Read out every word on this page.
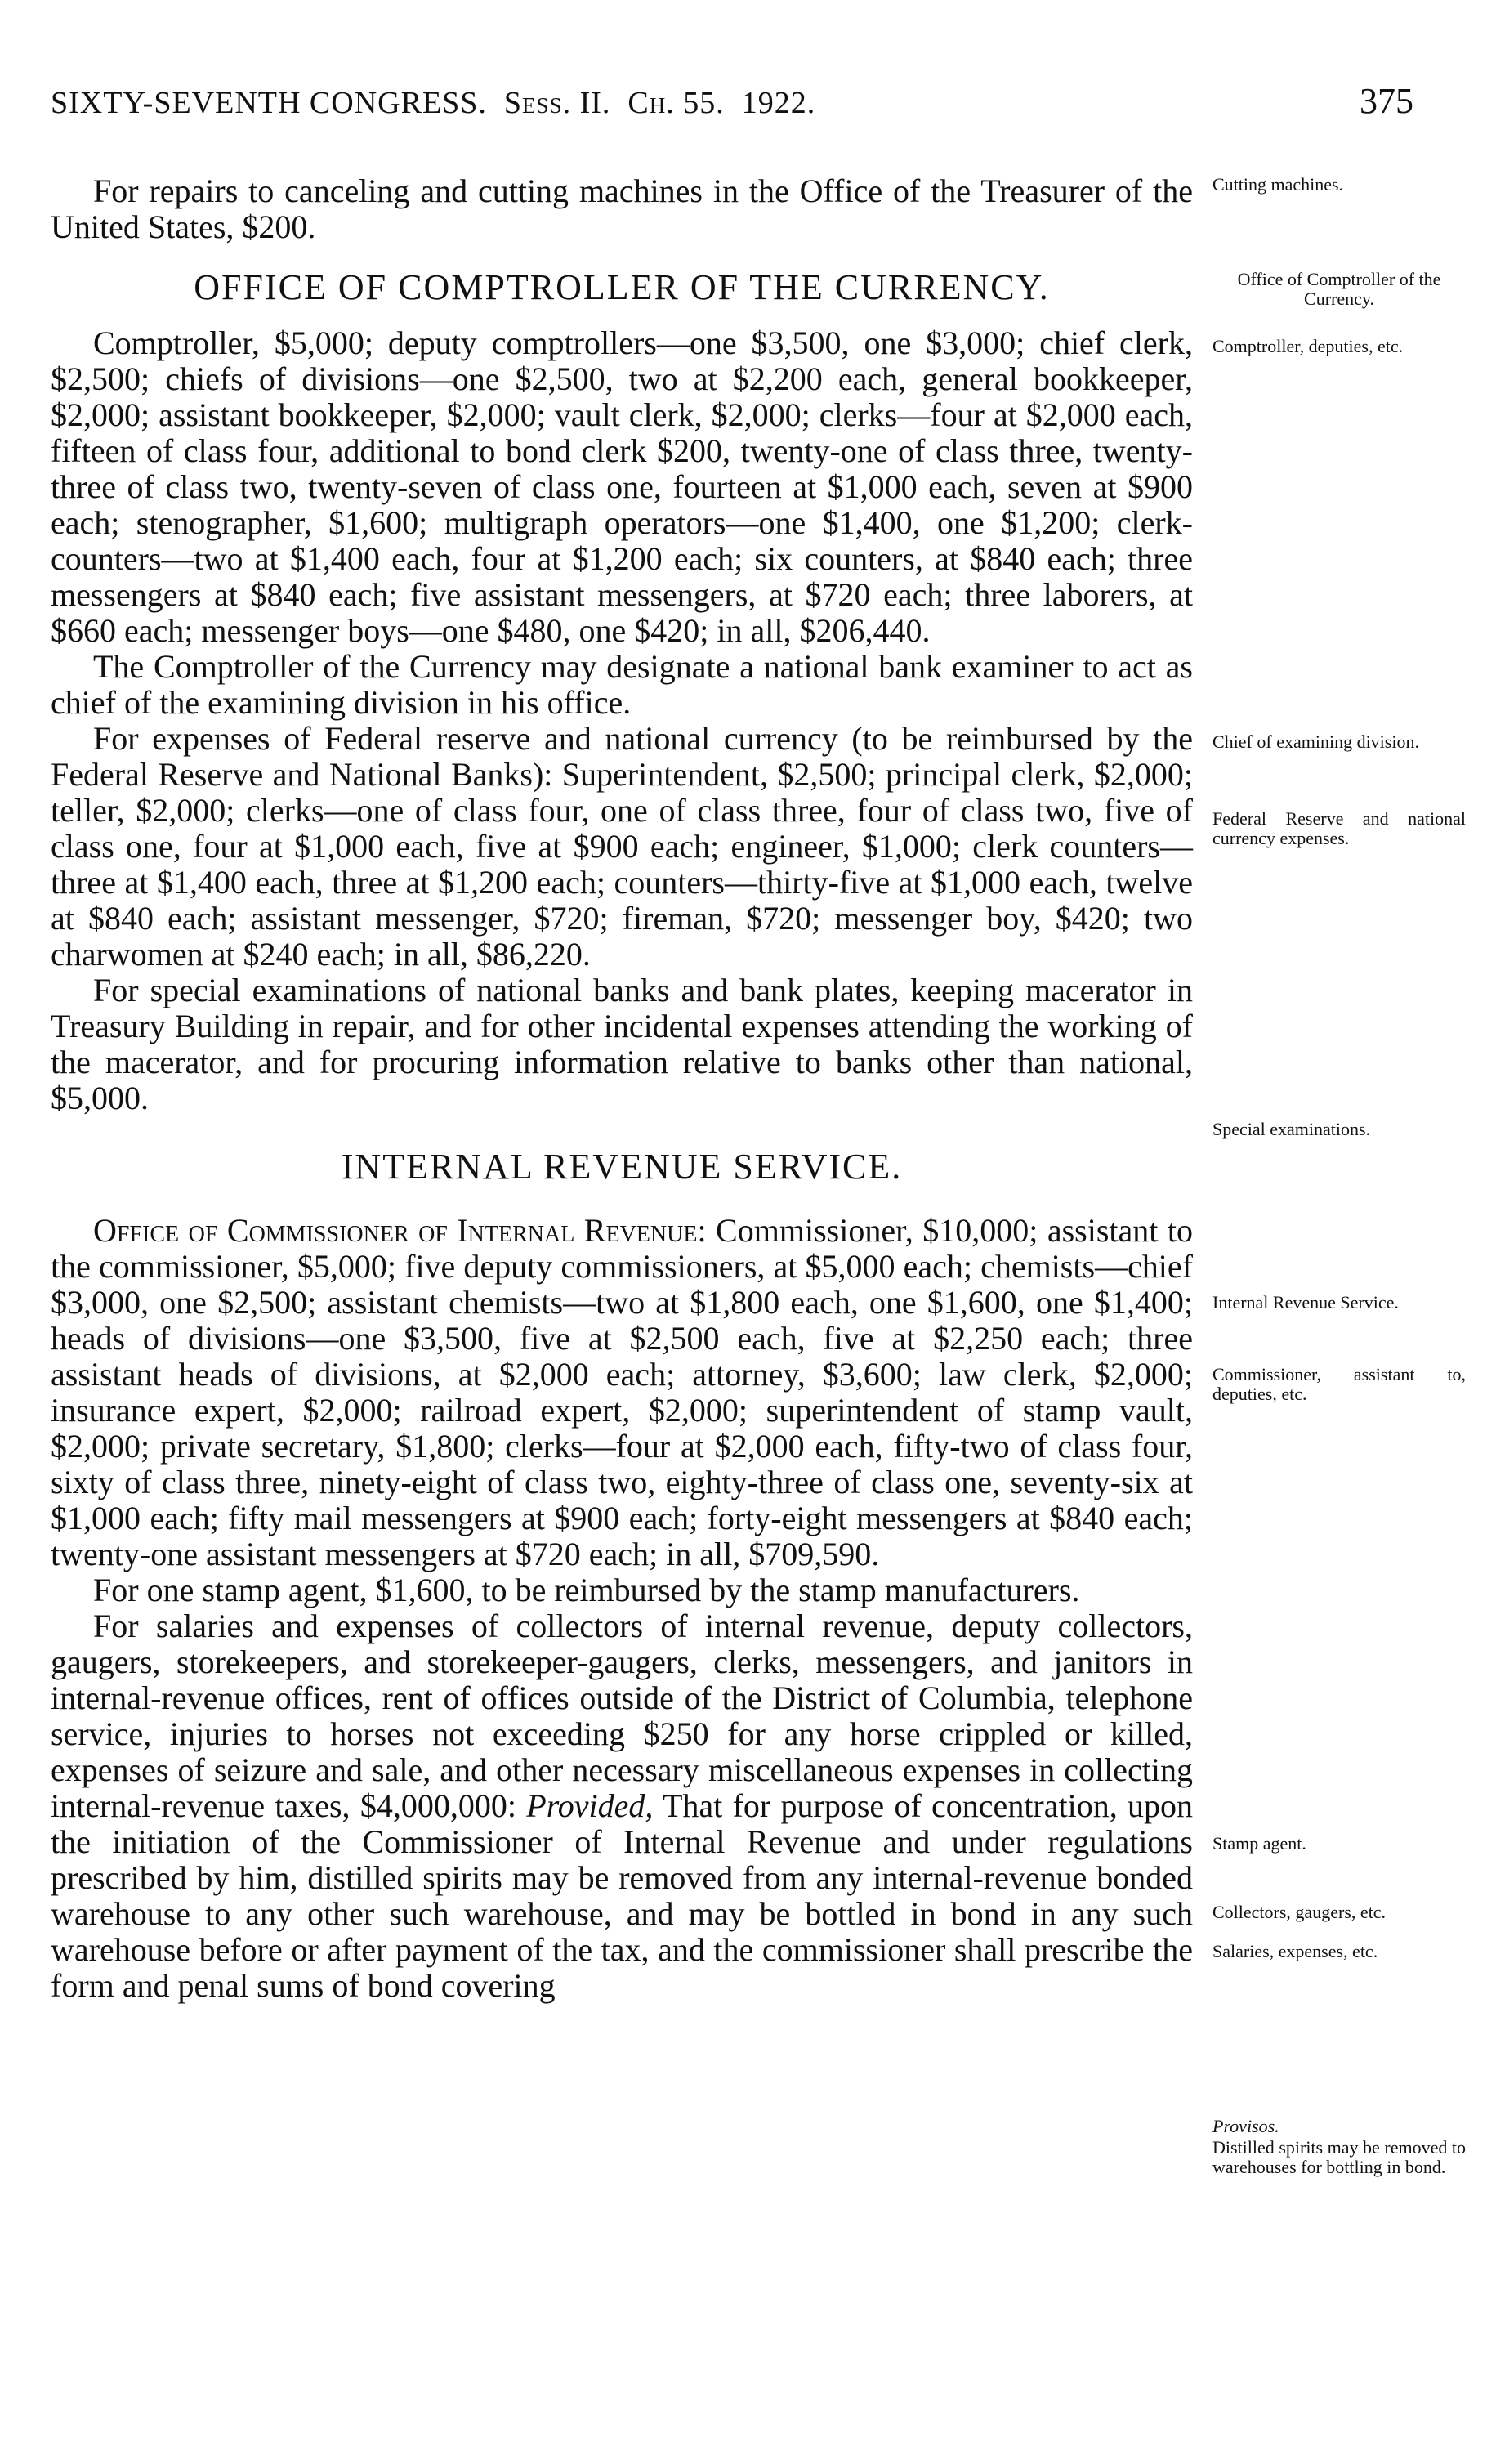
SIXTY-SEVENTH CONGRESS. Sess. II. Ch. 55. 1922.	375

For repairs to canceling and cutting machines in the Office of the Treasurer of the United States, $200.

OFFICE OF COMPTROLLER OF THE CURRENCY.

Comptroller, $5,000; deputy comptrollers—one $3,500, one $3,000; chief clerk, $2,500; chiefs of divisions—one $2,500, two at $2,200 each, general bookkeeper, $2,000; assistant bookkeeper, $2,000; vault clerk, $2,000; clerks—four at $2,000 each, fifteen of class four, additional to bond clerk $200, twenty-one of class three, twenty-three of class two, twenty-seven of class one, fourteen at $1,000 each, seven at $900 each; stenographer, $1,600; multigraph operators—one $1,400, one $1,200; clerk-counters—two at $1,400 each, four at $1,200 each; six counters, at $840 each; three messengers at $840 each; five assistant messengers, at $720 each; three laborers, at $660 each; messenger boys—one $480, one $420; in all, $206,440.

The Comptroller of the Currency may designate a national bank examiner to act as chief of the examining division in his office.

For expenses of Federal reserve and national currency (to be reimbursed by the Federal Reserve and National Banks): Superintendent, $2,500; principal clerk, $2,000; teller, $2,000; clerks—one of class four, one of class three, four of class two, five of class one, four at $1,000 each, five at $900 each; engineer, $1,000; clerk counters—three at $1,400 each, three at $1,200 each; counters—thirty-five at $1,000 each, twelve at $840 each; assistant messenger, $720; fireman, $720; messenger boy, $420; two charwomen at $240 each; in all, $86,220.

For special examinations of national banks and bank plates, keeping macerator in Treasury Building in repair, and for other incidental expenses attending the working of the macerator, and for procuring information relative to banks other than national, $5,000.

INTERNAL REVENUE SERVICE.

Office of Commissioner of Internal Revenue: Commissioner, $10,000; assistant to the commissioner, $5,000; five deputy commissioners, at $5,000 each; chemists—chief $3,000, one $2,500; assistant chemists—two at $1,800 each, one $1,600, one $1,400; heads of divisions—one $3,500, five at $2,500 each, five at $2,250 each; three assistant heads of divisions, at $2,000 each; attorney, $3,600; law clerk, $2,000; insurance expert, $2,000; railroad expert, $2,000; superintendent of stamp vault, $2,000; private secretary, $1,800; clerks—four at $2,000 each, fifty-two of class four, sixty of class three, ninety-eight of class two, eighty-three of class one, seventy-six at $1,000 each; fifty mail messengers at $900 each; forty-eight messengers at $840 each; twenty-one assistant messengers at $720 each; in all, $709,590.

For one stamp agent, $1,600, to be reimbursed by the stamp manufacturers.

For salaries and expenses of collectors of internal revenue, deputy collectors, gaugers, storekeepers, and storekeeper-gaugers, clerks, messengers, and janitors in internal-revenue offices, rent of offices outside of the District of Columbia, telephone service, injuries to horses not exceeding $250 for any horse crippled or killed, expenses of seizure and sale, and other necessary miscellaneous expenses in collecting internal-revenue taxes, $4,000,000: Provided, That for purpose of concentration, upon the initiation of the Commissioner of Internal Revenue and under regulations prescribed by him, distilled spirits may be removed from any internal-revenue bonded warehouse to any other such warehouse, and may be bottled in bond in any such warehouse before or after payment of the tax, and the commissioner shall prescribe the form and penal sums of bond covering

Cutting machines.
Office of Comptroller of the Currency.
Comptroller, deputies, etc.
Chief of examining division.
Federal Reserve and national currency expenses.
Special examinations.
Internal Revenue Service.
Commissioner, assistant to, deputies, etc.
Stamp agent.
Collectors, gaugers, etc.
Salaries, expenses, etc.
Provisos.
Distilled spirits may be removed to warehouses for bottling in bond.
